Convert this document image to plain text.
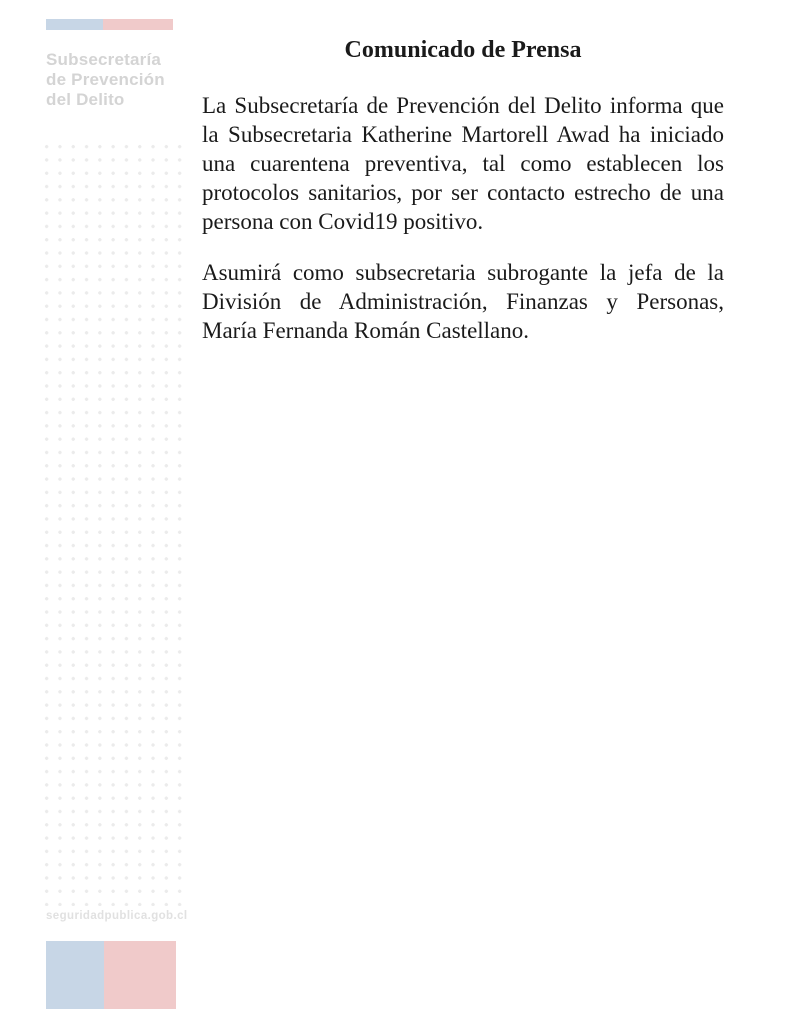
Subsecretaría
de Prevención
del Delito
Comunicado de Prensa
La Subsecretaría de Prevención del Delito informa que
la Subsecretaria Katherine Martorell Awad ha iniciado
una cuarentena preventiva, tal como establecen los
protocolos sanitarios, por ser contacto estrecho de una
persona con Covid19 positivo.
Asumirá como subsecretaria subrogante la jefa de la
División de Administración, Finanzas y Personas,
María Fernanda Román Castellano.
seguridadpublica.gob.cl
